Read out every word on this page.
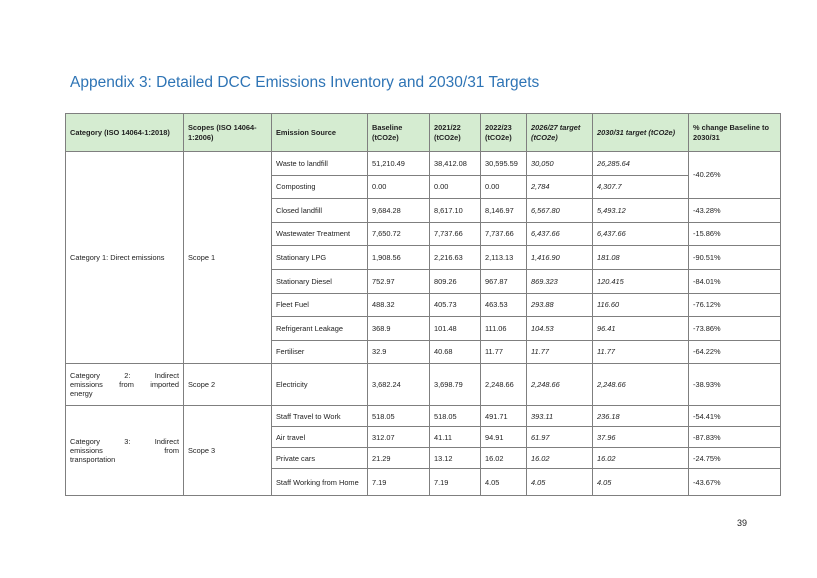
Appendix 3: Detailed DCC Emissions Inventory and 2030/31 Targets
Category (ISO 14064-1:2018)	Scopes (ISO 14064-1:2006)	Emission Source	Baseline (tCO2e)	2021/22 (tCO2e)	2022/23 (tCO2e)	2026/27 target (tCO2e)	2030/31 target (tCO2e)	% change Baseline to 2030/31
Category 1: Direct emissions	Scope 1	Waste to landfill	51,210.49	38,412.08	30,595.59	30,050	26,285.64	-40.26%
		Composting	0.00	0.00	0.00	2,784	4,307.7	
		Closed landfill	9,684.28	8,617.10	8,146.97	6,567.80	5,493.12	-43.28%
		Wastewater Treatment	7,650.72	7,737.66	7,737.66	6,437.66	6,437.66	-15.86%
		Stationary LPG	1,908.56	2,216.63	2,113.13	1,416.90	181.08	-90.51%
		Stationary Diesel	752.97	809.26	967.87	869.323	120.415	-84.01%
		Fleet Fuel	488.32	405.73	463.53	293.88	116.60	-76.12%
		Refrigerant Leakage	368.9	101.48	111.06	104.53	96.41	-73.86%
		Fertiliser	32.9	40.68	11.77	11.77	11.77	-64.22%

Category 2: Indirect
emissions from imported
energy	Scope 2	Electricity	3,682.24	3,698.79	2,248.66	2,248.66	2,248.66	-38.93%

Category 3: Indirect
emissions from
transportation	Scope 3	Staff Travel to Work	518.05	518.05	491.71	393.11	236.18	-54.41%
		Air travel	312.07	41.11	94.91	61.97	37.96	-87.83%
		Private cars	21.29	13.12	16.02	16.02	16.02	-24.75%
		Staff Working from Home	7.19	7.19	4.05	4.05	4.05	-43.67%
39
